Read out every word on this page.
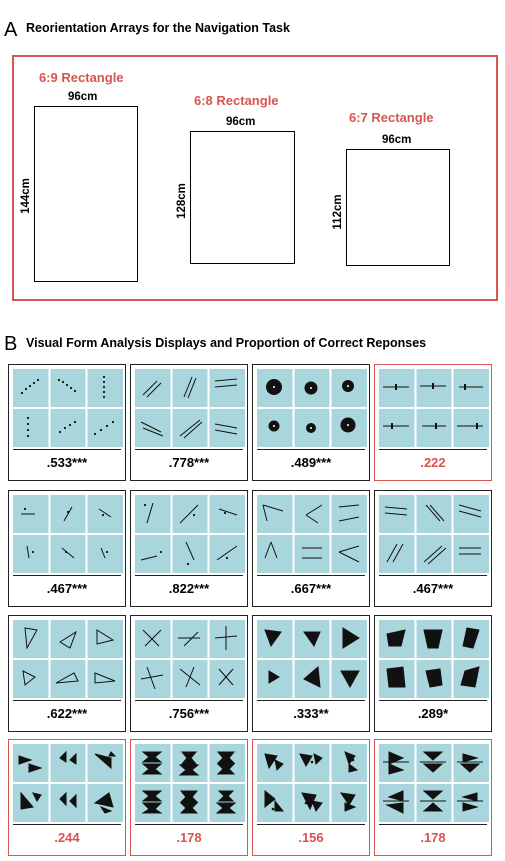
A Reorientation Arrays for the Navigation Task
6:9 Rectangle
96cm
144cm
6:8 Rectangle
96cm
128cm
6:7 Rectangle
96cm
112cm
B Visual Form Analysis Displays and Proportion of Correct Reponses
.533***	.778***	.489***	.222
.467***	.822***	.667***	.467***
.622***	.756***	.333**	.289*
.244	.178	.156	.178
